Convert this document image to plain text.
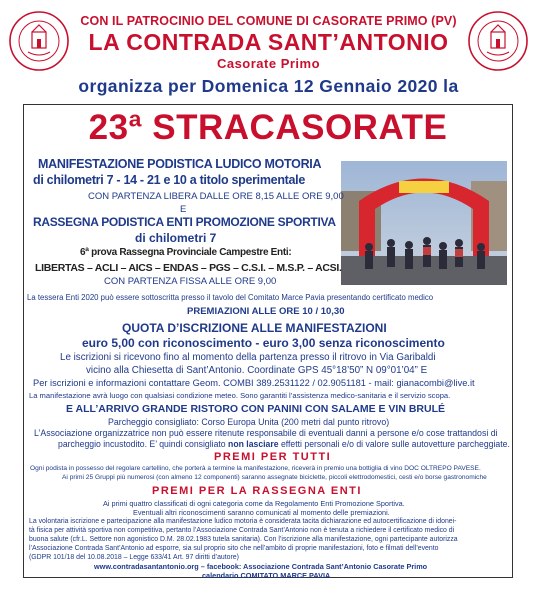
CON IL PATROCINIO DEL COMUNE DI CASORATE PRIMO (PV)
LA CONTRADA SANT’ANTONIO
Casorate Primo
organizza per Domenica 12 Gennaio 2020 la
23ª STRACASORATE
MANIFESTAZIONE PODISTICA LUDICO MOTORIA
di chilometri 7 - 14 - 21 e 10 a titolo sperimentale
CON PARTENZA LIBERA DALLE ORE 8,15 ALLE ORE 9,00
E
RASSEGNA PODISTICA ENTI PROMOZIONE SPORTIVA
di chilometri 7
6ª prova Rassegna Provinciale Campestre Enti:
LIBERTAS – ACLI – AICS – ENDAS – PGS – C.S.I. – M.S.P. – ACSI.
CON PARTENZA FISSA ALLE ORE 9,00
La tessera Enti 2020 può essere sottoscritta presso il tavolo del Comitato Marce Pavia presentando certificato medico
PREMIAZIONI ALLE ORE 10 / 10,30
QUOTA D’ISCRIZIONE ALLE MANIFESTAZIONI
euro 5,00 con riconoscimento - euro 3,00 senza riconoscimento
Le iscrizioni si ricevono fino al momento della partenza presso il ritrovo in Via Garibaldi
vicino alla Chiesetta di Sant’Antonio. Coordinate GPS 45°18’50” N 09°01’04” E
Per iscrizioni e informazioni contattare Geom. COMBI 389.2531122 / 02.9051181 - mail: gianacombi@live.it
La manifestazione avrà luogo con qualsiasi condizione meteo. Sono garantiti l’assistenza medico-sanitaria e il servizio scopa.
E ALL’ARRIVO GRANDE RISTORO CON PANINI CON SALAME E VIN BRULÉ
Parcheggio consigliato: Corso Europa Unita (200 metri dal punto ritrovo)
L’Associazione organizzatrice non può essere ritenute responsabile di eventuali danni a persone e/o cose trattandosi di
parcheggio incustodito. E’ quindi consigliato non lasciare effetti personali e/o di valore sulle autovetture parcheggiate.
PREMI PER TUTTI
Ogni podista in possesso del regolare cartellino, che porterà a termine la manifestazione, riceverà in premio una bottiglia di vino DOC OLTREPO PAVESE.
Ai primi 25 Gruppi più numerosi (con almeno 12 componenti) saranno assegnate biciclette, piccoli elettrodomestici, cesti e/o borse gastronomiche
PREMI PER LA RASSEGNA ENTI
Ai primi quattro classificati di ogni categoria come da Regolamento Enti Promozione Sportiva.
Eventuali altri riconoscimenti saranno comunicati al momento delle premiazioni.
La volontaria iscrizione e partecipazione alla manifestazione ludico motoria è considerata tacita dichiarazione ed autocertificazione di idonei-
tà fisica per attività sportiva non competitiva, pertanto l’Associazione Contrada Sant’Antonio non è tenuta a richiedere il certificato medico di
buona salute (cfr.L. Settore non agonistico D.M. 28.02.1983 tutela sanitaria). Con l’iscrizione alla manifestazione, ogni partecipante autorizza
l’Associazione Contrada Sant’Antonio ad esporre, sia sul proprio sito che nell’ambito di proprie manifestazioni, foto e filmati dell’evento
(GDPR 101/18 del 10.08.2018 – Legge 633/41 Art. 97 diritti d’autore)
www.contradasantantonio.org – facebook: Associazione Contrada Sant’Antonio Casorate Primo
calendario COMITATO MARCE PAVIA
